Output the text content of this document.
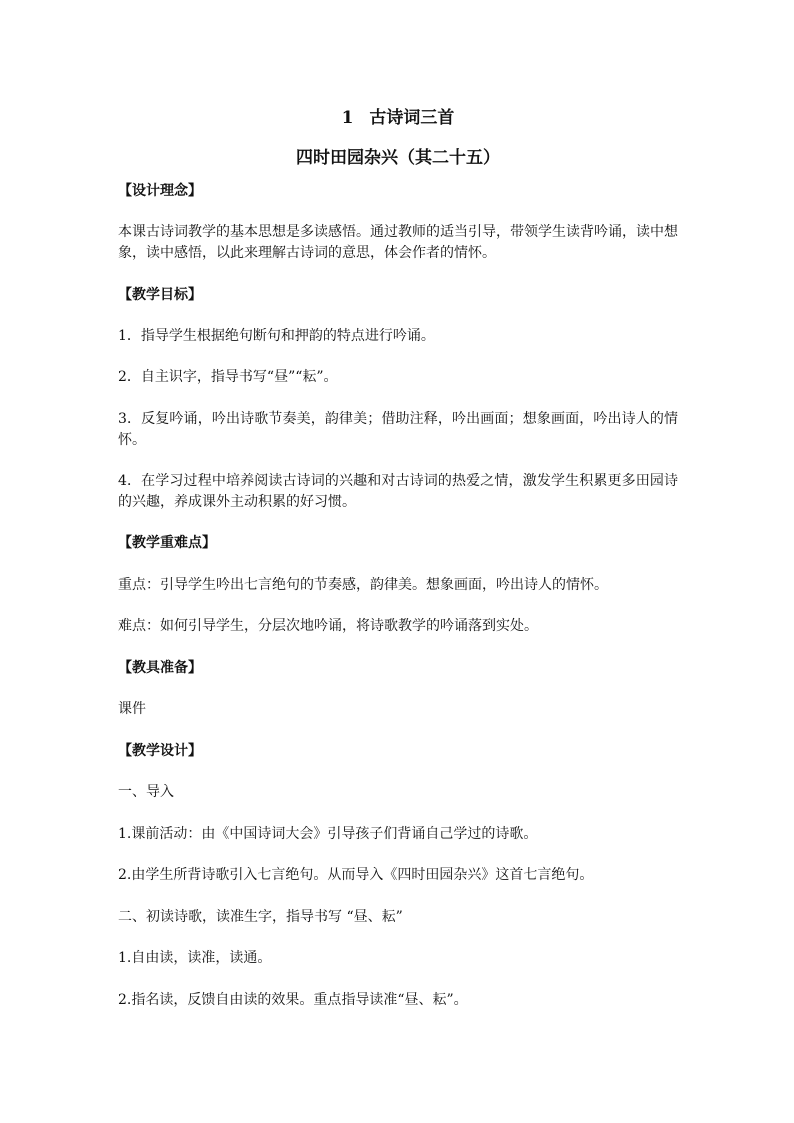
1 古诗词三首
四时田园杂兴（其二十五）

【设计理念】

本课古诗词教学的基本思想是多读感悟。通过教师的适当引导，带领学生读背吟诵，读中想象，读中感悟，以此来理解古诗词的意思，体会作者的情怀。

【教学目标】

1．指导学生根据绝句断句和押韵的特点进行吟诵。

2．自主识字，指导书写“昼”“耘”。

3．反复吟诵，吟出诗歌节奏美，韵律美；借助注释，吟出画面；想象画面，吟出诗人的情怀。

4．在学习过程中培养阅读古诗词的兴趣和对古诗词的热爱之情，激发学生积累更多田园诗的兴趣，养成课外主动积累的好习惯。

【教学重难点】

重点：引导学生吟出七言绝句的节奏感，韵律美。想象画面，吟出诗人的情怀。

难点：如何引导学生，分层次地吟诵，将诗歌教学的吟诵落到实处。

【教具准备】

课件

【教学设计】

一、导入

1.课前活动：由《中国诗词大会》引导孩子们背诵自己学过的诗歌。

2.由学生所背诗歌引入七言绝句。从而导入《四时田园杂兴》这首七言绝句。

二、初读诗歌，读准生字，指导书写 “昼、耘”

1.自由读，读准，读通。

2.指名读，反馈自由读的效果。重点指导读准“昼、耘”。
